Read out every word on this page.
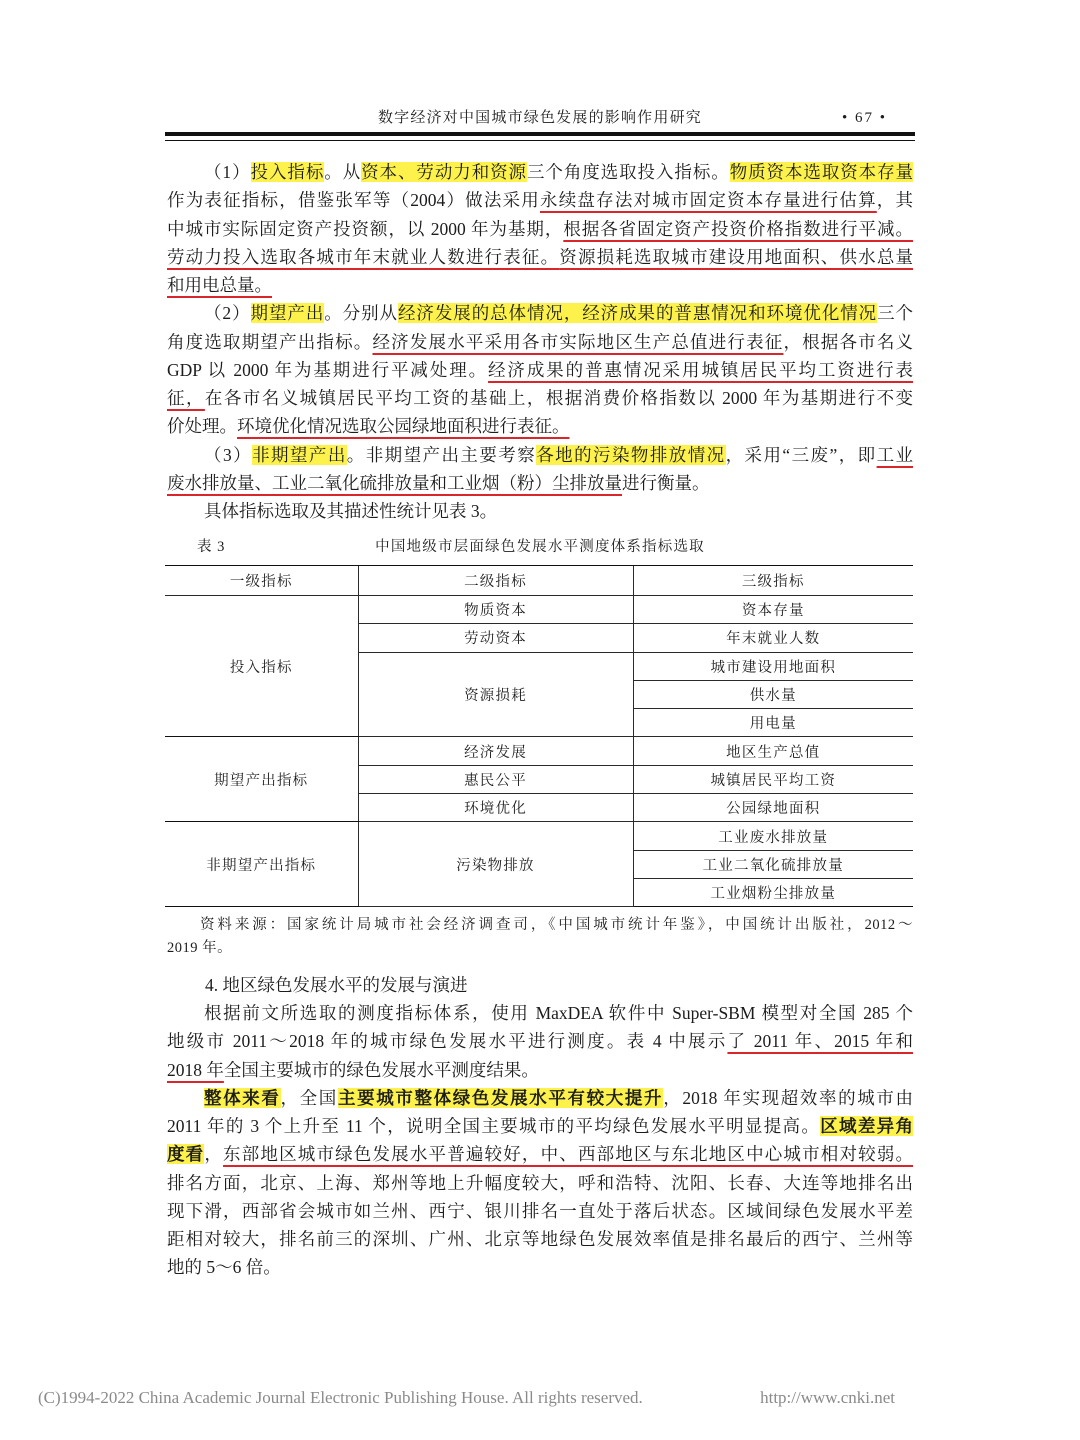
数字经济对中国城市绿色发展的影响作用研究	• 67 •
（1）投入指标。从资本、劳动力和资源三个角度选取投入指标。物质资本选取资本存量
作为表征指标，借鉴张军等（2004）做法采用永续盘存法对城市固定资本存量进行估算，其
中城市实际固定资产投资额，以 2000 年为基期，根据各省固定资产投资价格指数进行平减。
劳动力投入选取各城市年末就业人数进行表征。资源损耗选取城市建设用地面积、供水总量
和用电总量。
（2）期望产出。分别从经济发展的总体情况，经济成果的普惠情况和环境优化情况三个
角度选取期望产出指标。经济发展水平采用各市实际地区生产总值进行表征，根据各市名义
GDP 以 2000 年为基期进行平减处理。经济成果的普惠情况采用城镇居民平均工资进行表
征，在各市名义城镇居民平均工资的基础上，根据消费价格指数以 2000 年为基期进行不变
价处理。环境优化情况选取公园绿地面积进行表征。
（3）非期望产出。非期望产出主要考察各地的污染物排放情况，采用“三废”，即工业
废水排放量、工业二氧化硫排放量和工业烟（粉）尘排放量进行衡量。
具体指标选取及其描述性统计见表 3。
表 3	中国地级市层面绿色发展水平测度体系指标选取
一级指标	二级指标	三级指标
投入指标	物质资本	资本存量
	劳动资本	年末就业人数
	资源损耗	城市建设用地面积
		供水量
		用电量
期望产出指标	经济发展	地区生产总值
	惠民公平	城镇居民平均工资
	环境优化	公园绿地面积
非期望产出指标	污染物排放	工业废水排放量
		工业二氧化硫排放量
		工业烟粉尘排放量
资料来源：国家统计局城市社会经济调查司，《中国城市统计年鉴》，中国统计出版社，2012～
2019 年。
4. 地区绿色发展水平的发展与演进
根据前文所选取的测度指标体系，使用 MaxDEA 软件中 Super-SBM 模型对全国 285 个
地级市 2011～2018 年的城市绿色发展水平进行测度。表 4 中展示了 2011 年、2015 年和
2018 年全国主要城市的绿色发展水平测度结果。
整体来看，全国主要城市整体绿色发展水平有较大提升，2018 年实现超效率的城市由
2011 年的 3 个上升至 11 个，说明全国主要城市的平均绿色发展水平明显提高。区域差异角
度看，东部地区城市绿色发展水平普遍较好，中、西部地区与东北地区中心城市相对较弱。
排名方面，北京、上海、郑州等地上升幅度较大，呼和浩特、沈阳、长春、大连等地排名出
现下滑，西部省会城市如兰州、西宁、银川排名一直处于落后状态。区域间绿色发展水平差
距相对较大，排名前三的深圳、广州、北京等地绿色发展效率值是排名最后的西宁、兰州等
地的 5～6 倍。
(C)1994-2022 China Academic Journal Electronic Publishing House. All rights reserved.	http://www.cnki.net
